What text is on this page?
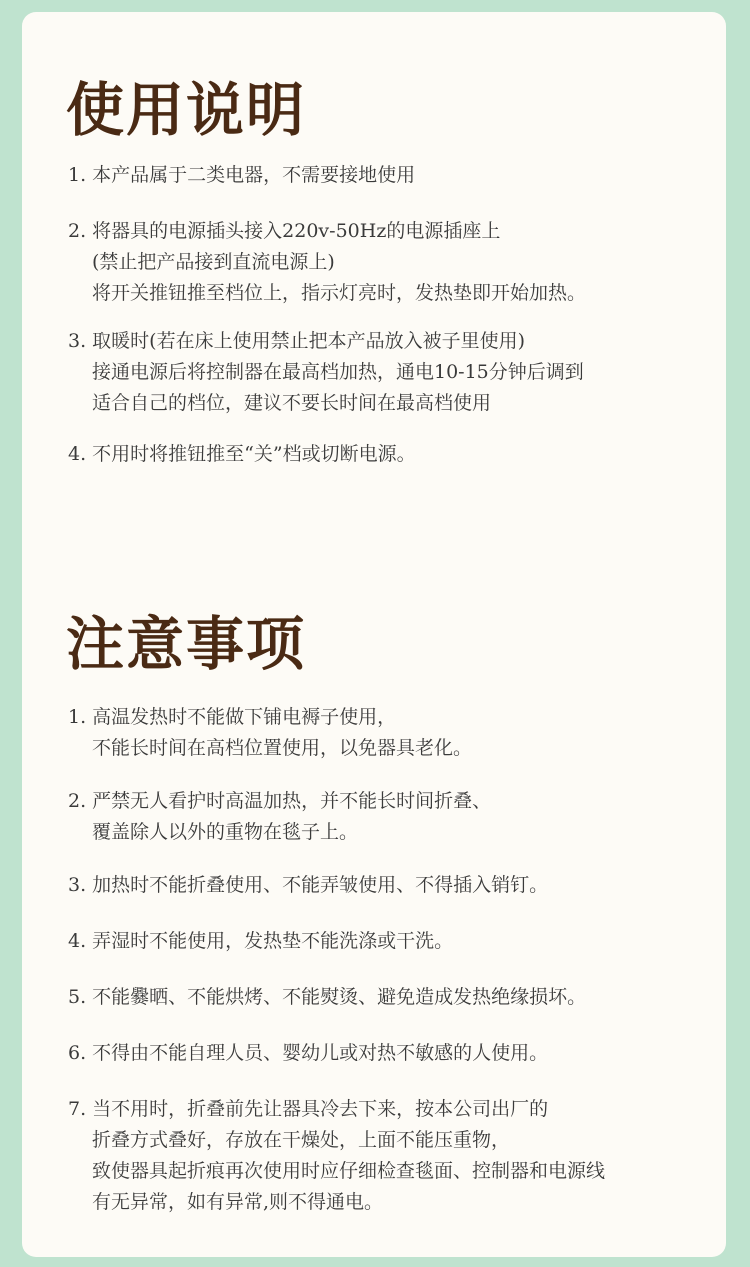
使用说明
1. 本产品属于二类电器，不需要接地使用
2. 将器具的电源插头接入220v-50Hz的电源插座上
(禁止把产品接到直流电源上)
将开关推钮推至档位上，指示灯亮时，发热垫即开始加热。
3. 取暖时(若在床上使用禁止把本产品放入被子里使用)
接通电源后将控制器在最高档加热，通电10-15分钟后调到
适合自己的档位，建议不要长时间在最高档使用
4. 不用时将推钮推至“关”档或切断电源。
注意事项
1. 高温发热时不能做下铺电褥子使用，
不能长时间在高档位置使用，以免器具老化。
2. 严禁无人看护时高温加热，并不能长时间折叠、
覆盖除人以外的重物在毯子上。
3. 加热时不能折叠使用、不能弄皱使用、不得插入销钉。
4. 弄湿时不能使用，发热垫不能洗涤或干洗。
5. 不能爨晒、不能烘烤、不能熨烫、避免造成发热绝缘损坏。
6. 不得由不能自理人员、婴幼儿或对热不敏感的人使用。
7. 当不用时，折叠前先让器具冷去下来，按本公司出厂的
折叠方式叠好，存放在干燥处，上面不能压重物，
致使器具起折痕再次使用时应仔细检查毯面、控制器和电源线
有无异常，如有异常,则不得通电。
